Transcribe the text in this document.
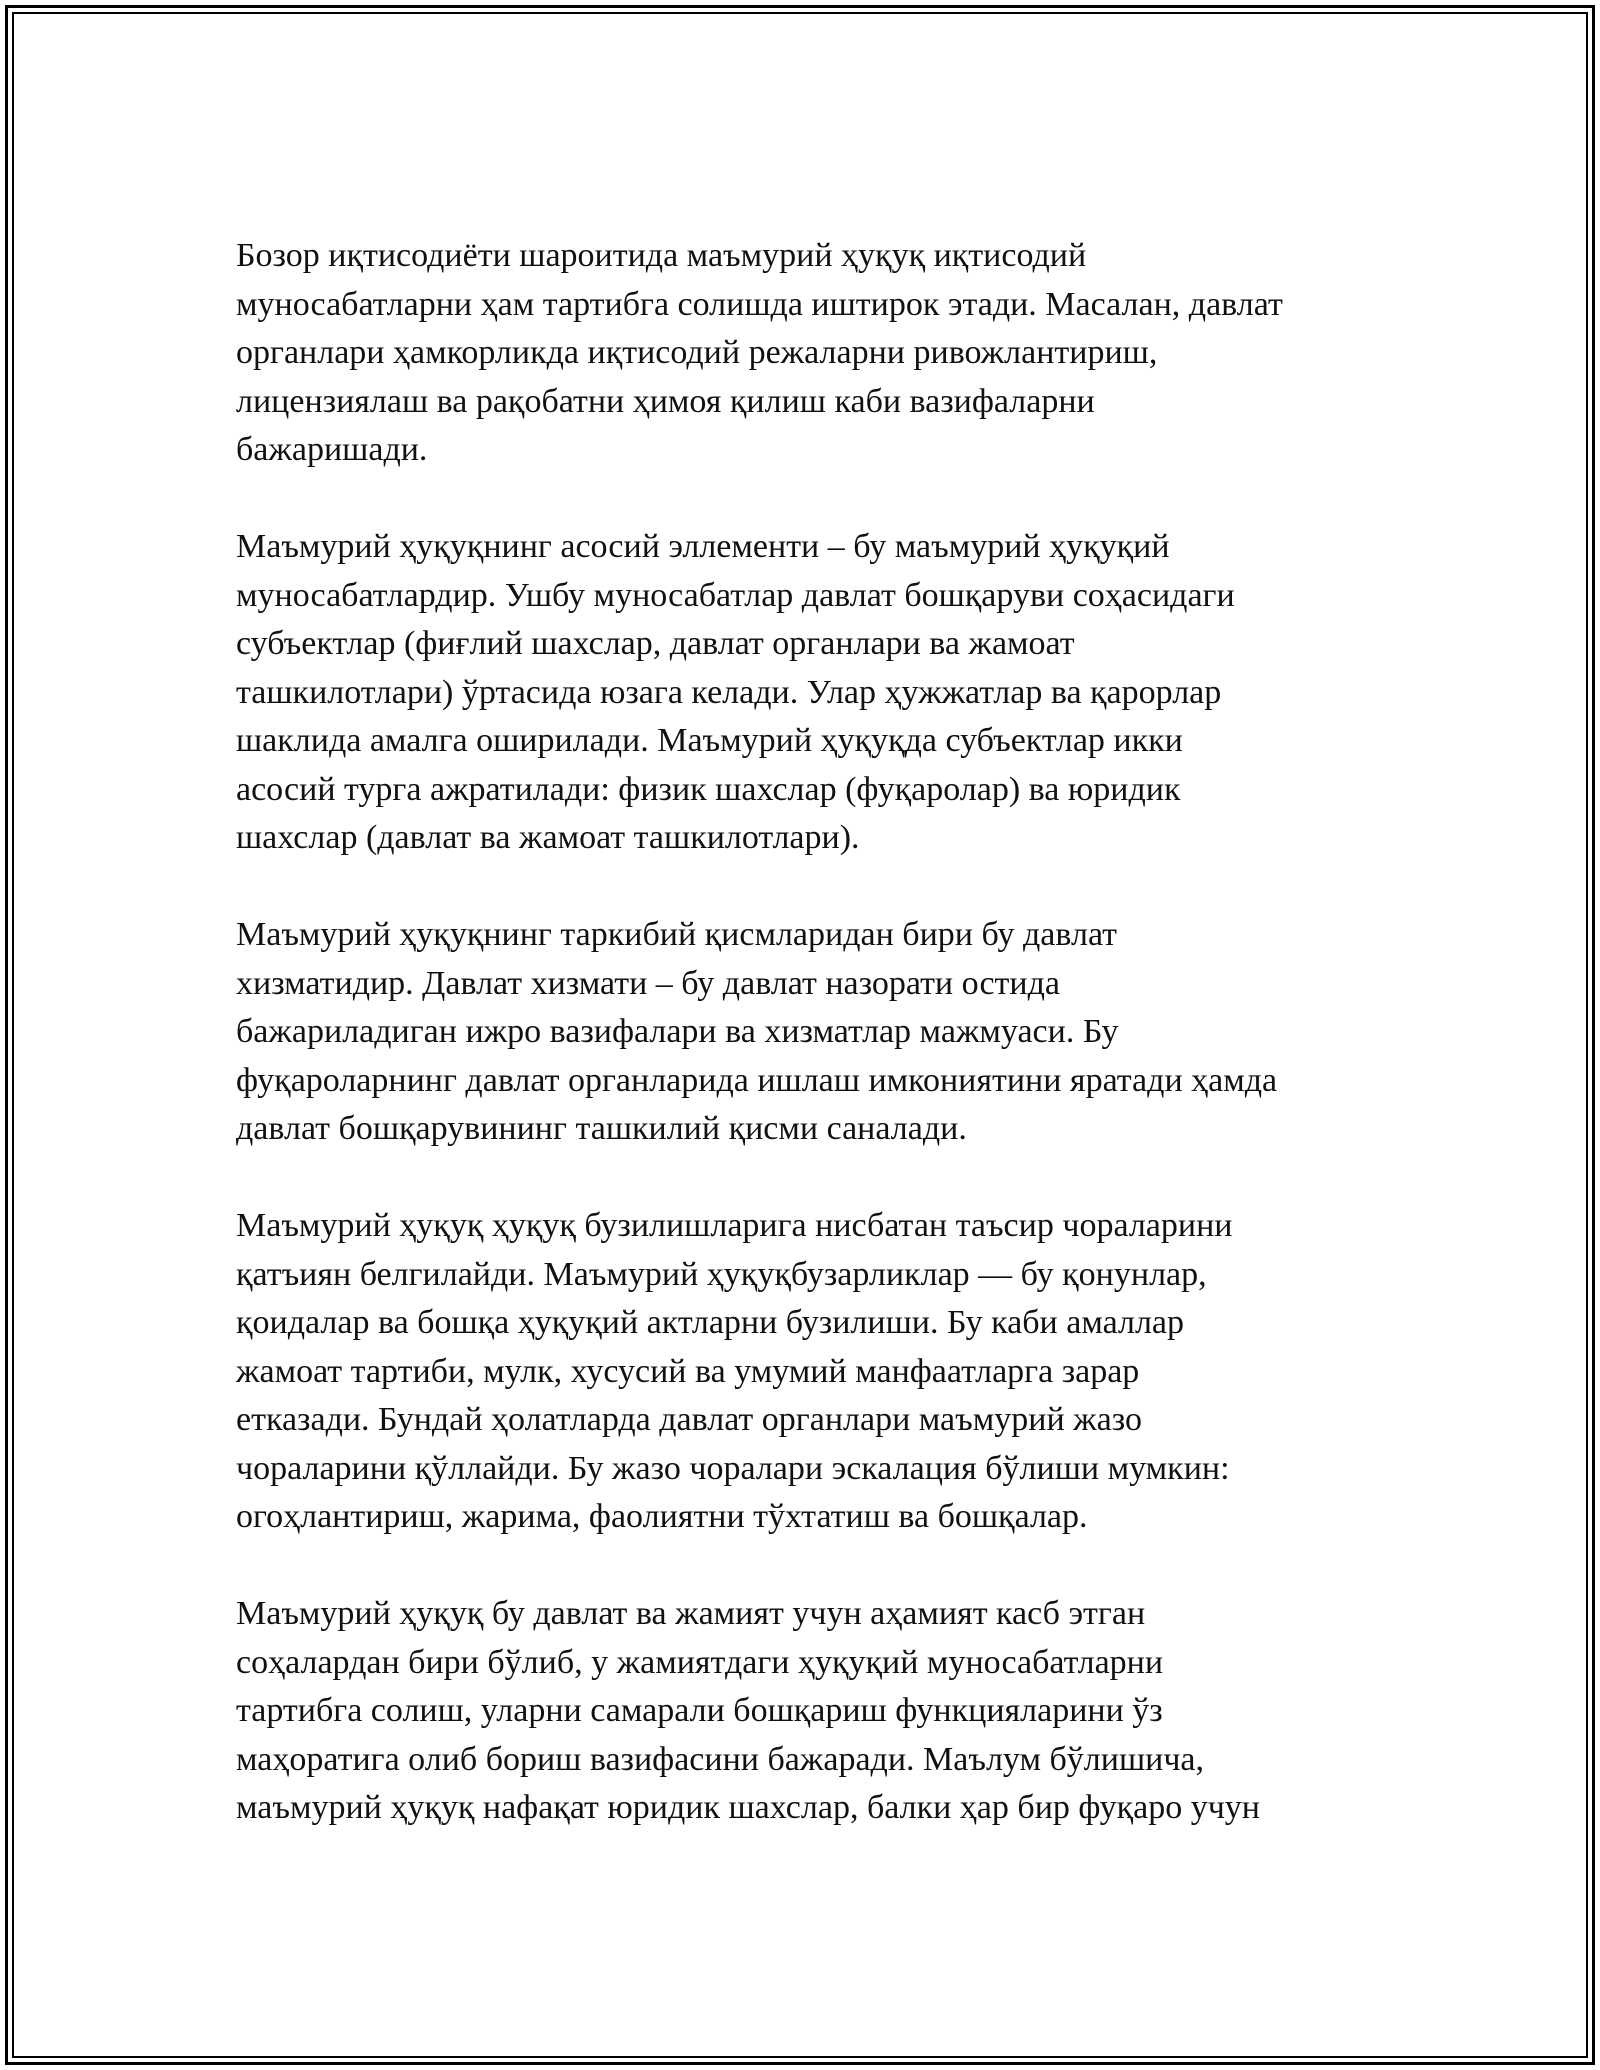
Бозор иқтисодиёти шароитида маъмурий ҳуқуқ иқтисодий
муносабатларни ҳам тартибга солишда иштирок этади. Масалан, давлат
органлари ҳамкорликда иқтисодий режаларни ривожлантириш,
лицензиялаш ва рақобатни ҳимоя қилиш каби вазифаларни
бажаришади.

Маъмурий ҳуқуқнинг асосий эллементи – бу маъмурий ҳуқуқий
муносабатлардир. Ушбу муносабатлар давлат бошқаруви соҳасидаги
субъектлар (фиғлий шахслар, давлат органлари ва жамоат
ташкилотлари) ўртасида юзага келади. Улар ҳужжатлар ва қарорлар
шаклида амалга оширилади. Маъмурий ҳуқуқда субъектлар икки
асосий турга ажратилади: физик шахслар (фуқаролар) ва юридик
шахслар (давлат ва жамоат ташкилотлари).

Маъмурий ҳуқуқнинг таркибий қисмларидан бири бу давлат
хизматидир. Давлат хизмати – бу давлат назорати остида
бажариладиган ижро вазифалари ва хизматлар мажмуаси. Бу
фуқароларнинг давлат органларида ишлаш имкониятини яратади ҳамда
давлат бошқарувининг ташкилий қисми саналади.

Маъмурий ҳуқуқ ҳуқуқ бузилишларига нисбатан таъсир чораларини
қатъиян белгилайди. Маъмурий ҳуқуқбузарликлар — бу қонунлар,
қоидалар ва бошқа ҳуқуқий актларни бузилиши. Бу каби амаллар
жамоат тартиби, мулк, хусусий ва умумий манфаатларга зарар
етказади. Бундай ҳолатларда давлат органлари маъмурий жазо
чораларини қўллайди. Бу жазо чоралари эскалация бўлиши мумкин:
огоҳлантириш, жарима, фаолиятни тўхтатиш ва бошқалар.

Маъмурий ҳуқуқ бу давлат ва жамият учун аҳамият касб этган
соҳалардан бири бўлиб, у жамиятдаги ҳуқуқий муносабатларни
тартибга солиш, уларни самарали бошқариш функцияларини ўз
маҳоратига олиб бориш вазифасини бажаради. Маълум бўлишича,
маъмурий ҳуқуқ нафақат юридик шахслар, балки ҳар бир фуқаро учун
